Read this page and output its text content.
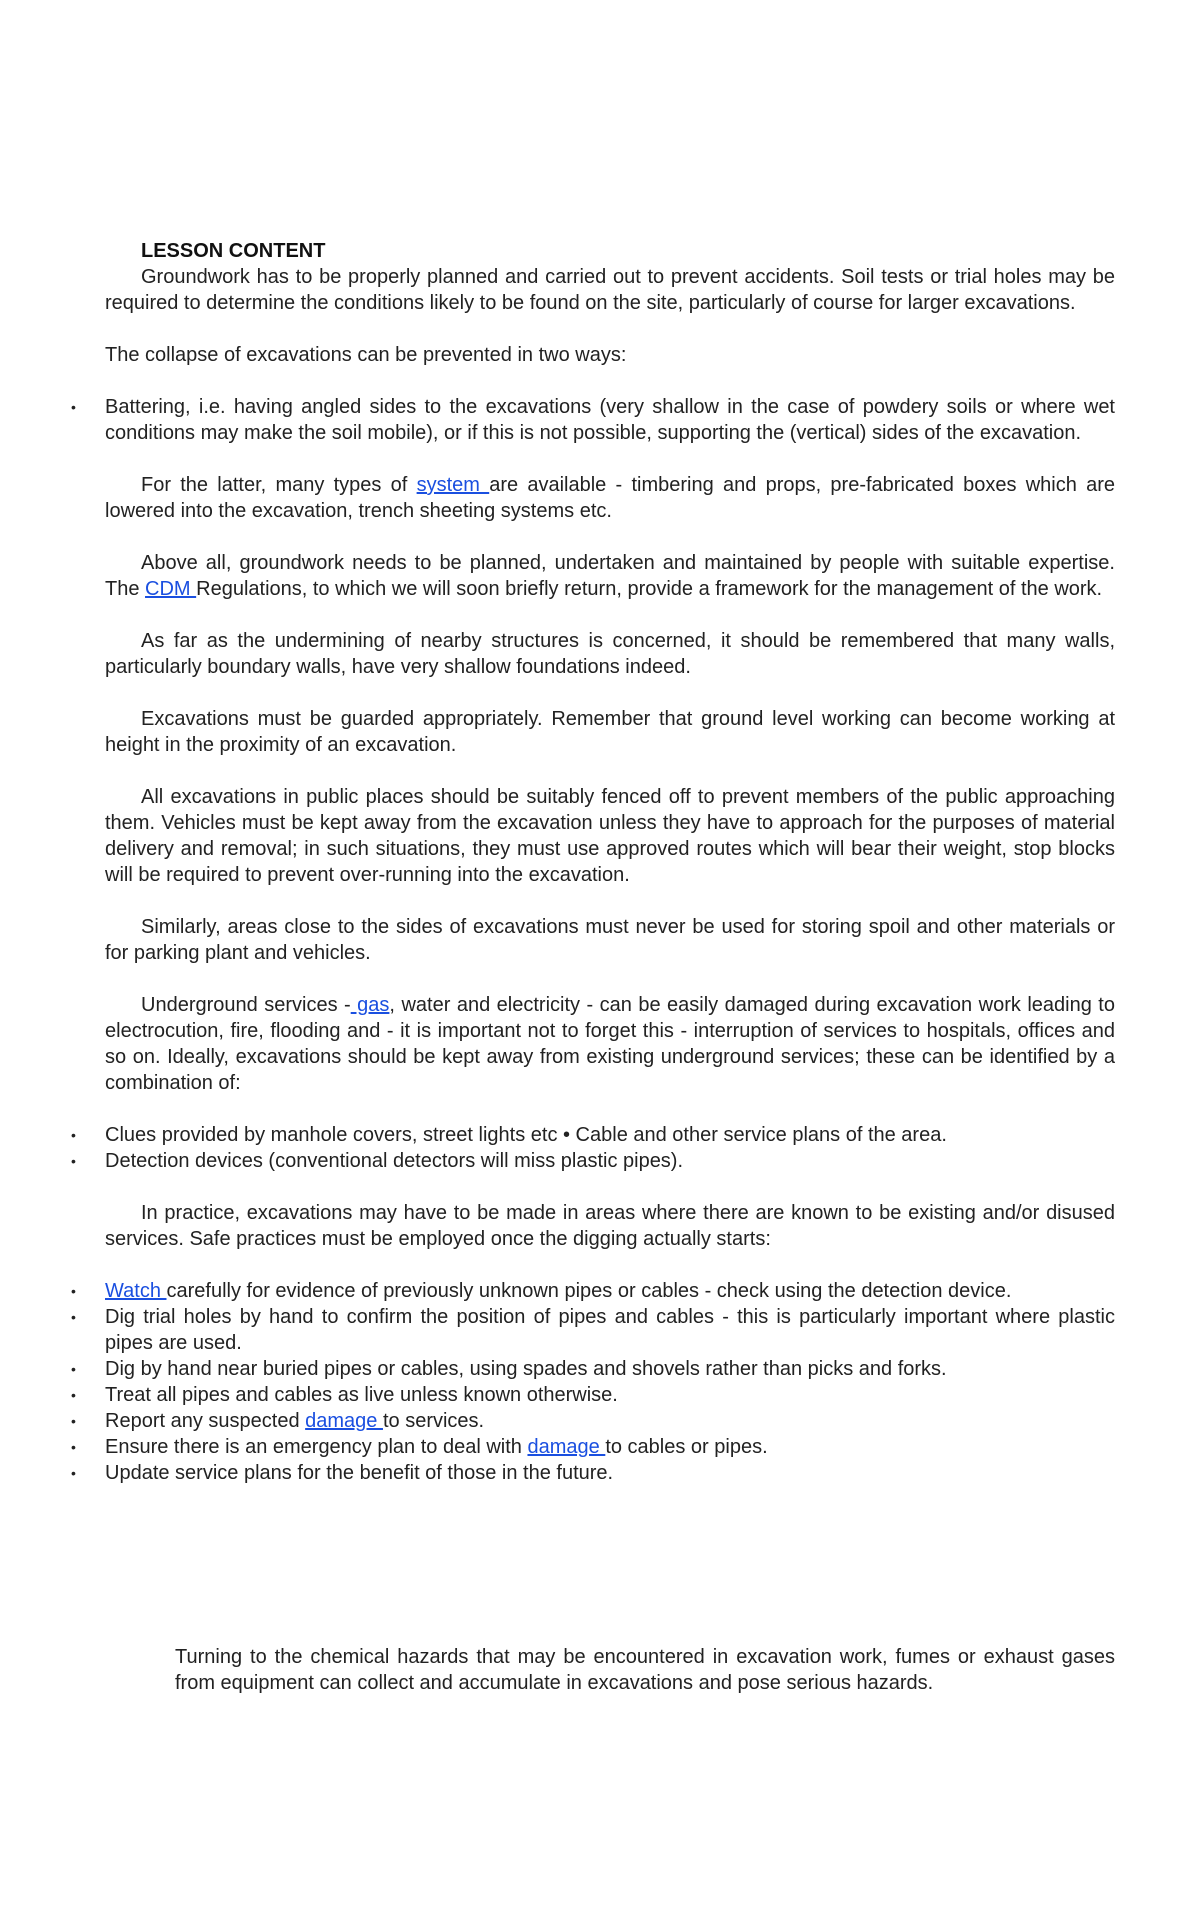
LESSON CONTENT

Groundwork has to be properly planned and carried out to prevent accidents. Soil tests or trial holes may be required to determine the conditions likely to be found on the site, particularly of course for larger excavations.

The collapse of excavations can be prevented in two ways:

• Battering, i.e. having angled sides to the excavations (very shallow in the case of powdery soils or where wet conditions may make the soil mobile), or if this is not possible, supporting the (vertical) sides of the excavation.

For the latter, many types of system are available - timbering and props, pre-fabricated boxes which are lowered into the excavation, trench sheeting systems etc.

Above all, groundwork needs to be planned, undertaken and maintained by people with suitable expertise. The CDM Regulations, to which we will soon briefly return, provide a framework for the management of the work.

As far as the undermining of nearby structures is concerned, it should be remembered that many walls, particularly boundary walls, have very shallow foundations indeed.

Excavations must be guarded appropriately. Remember that ground level working can become working at height in the proximity of an excavation.

All excavations in public places should be suitably fenced off to prevent members of the public approaching them. Vehicles must be kept away from the excavation unless they have to approach for the purposes of material delivery and removal; in such situations, they must use approved routes which will bear their weight, stop blocks will be required to prevent over-running into the excavation.

Similarly, areas close to the sides of excavations must never be used for storing spoil and other materials or for parking plant and vehicles.

Underground services - gas, water and electricity - can be easily damaged during excavation work leading to electrocution, fire, flooding and - it is important not to forget this - interruption of services to hospitals, offices and so on. Ideally, excavations should be kept away from existing underground services; these can be identified by a combination of:

• Clues provided by manhole covers, street lights etc • Cable and other service plans of the area.
• Detection devices (conventional detectors will miss plastic pipes).

In practice, excavations may have to be made in areas where there are known to be existing and/or disused services. Safe practices must be employed once the digging actually starts:

• Watch carefully for evidence of previously unknown pipes or cables - check using the detection device.
• Dig trial holes by hand to confirm the position of pipes and cables - this is particularly important where plastic pipes are used.
• Dig by hand near buried pipes or cables, using spades and shovels rather than picks and forks.
• Treat all pipes and cables as live unless known otherwise.
• Report any suspected damage to services.
• Ensure there is an emergency plan to deal with damage to cables or pipes.
• Update service plans for the benefit of those in the future.

Turning to the chemical hazards that may be encountered in excavation work, fumes or exhaust gases from equipment can collect and accumulate in excavations and pose serious hazards.
